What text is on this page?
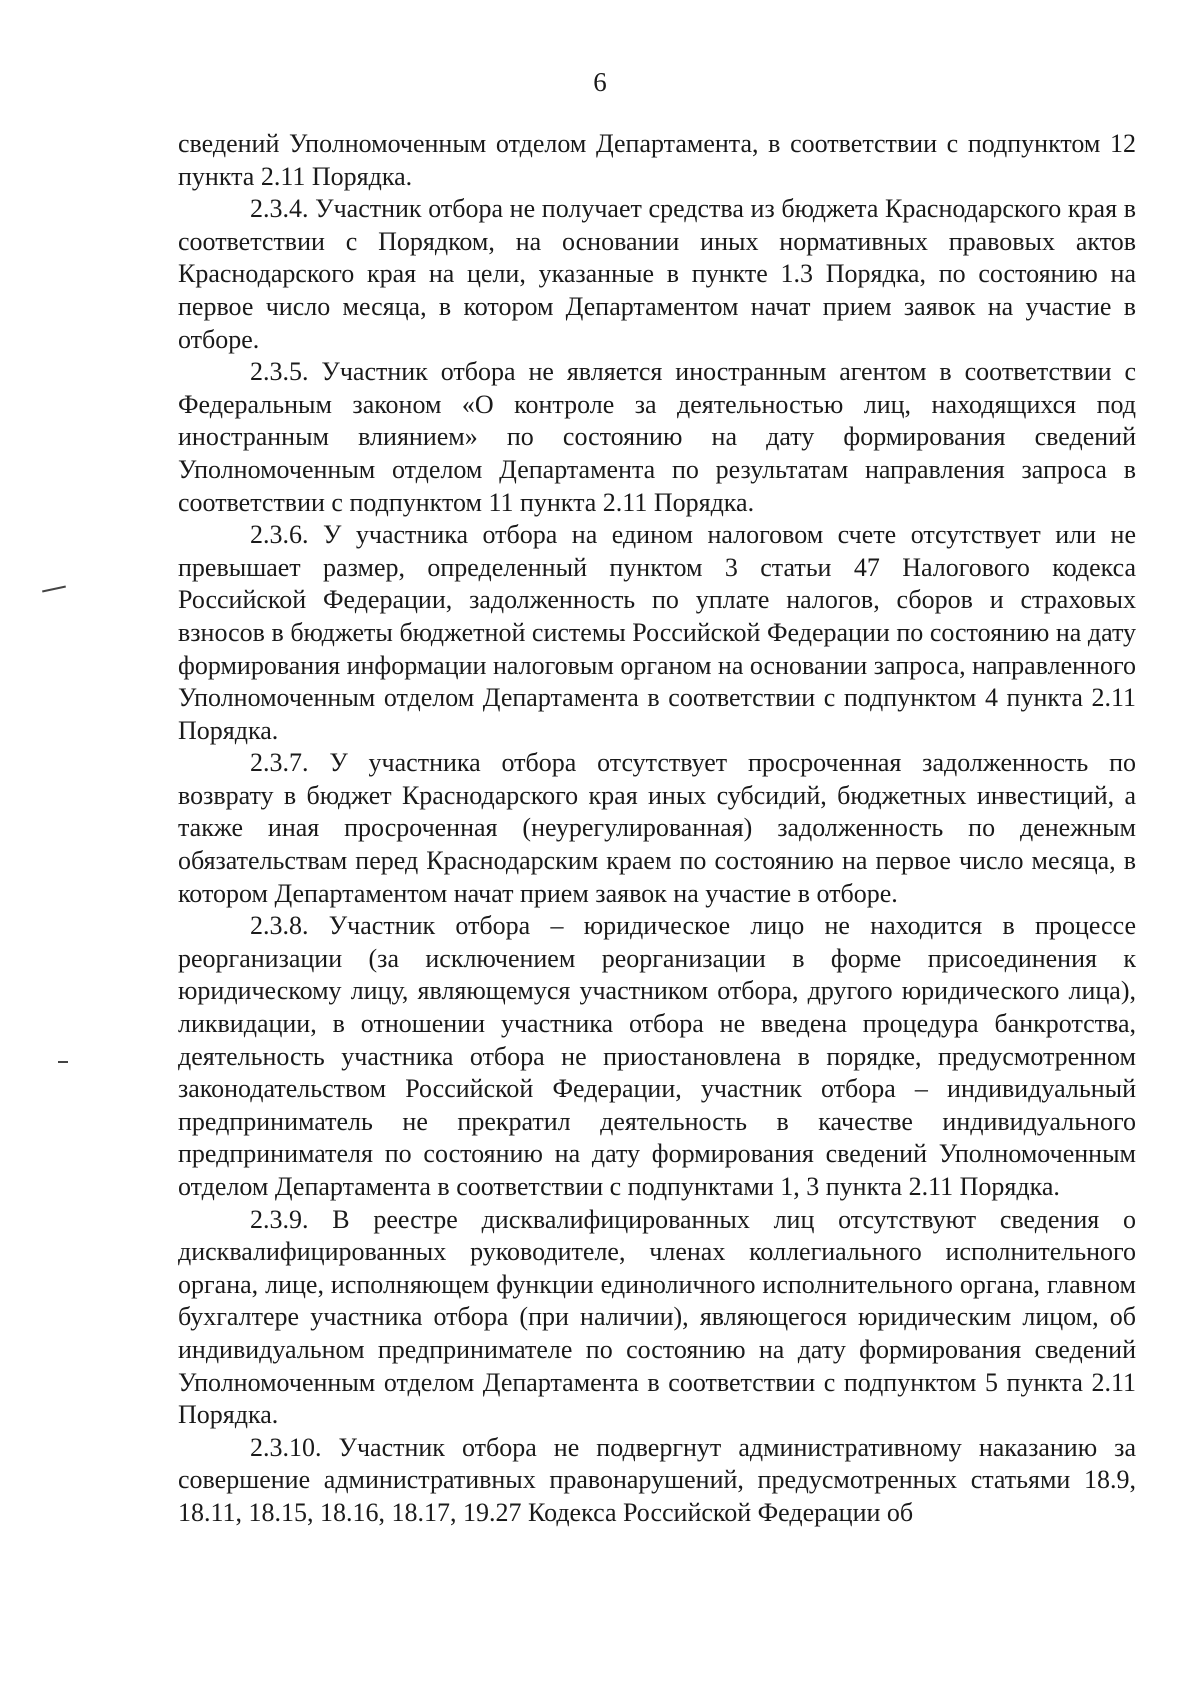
6

сведений Уполномоченным отделом Департамента, в соответствии с подпунктом 12 пункта 2.11 Порядка.

2.3.4. Участник отбора не получает средства из бюджета Краснодарского края в соответствии с Порядком, на основании иных нормативных правовых актов Краснодарского края на цели, указанные в пункте 1.3 Порядка, по состоянию на первое число месяца, в котором Департаментом начат прием заявок на участие в отборе.

2.3.5. Участник отбора не является иностранным агентом в соответствии с Федеральным законом «О контроле за деятельностью лиц, находящихся под иностранным влиянием» по состоянию на дату формирования сведений Уполномоченным отделом Департамента по результатам направления запроса в соответствии с подпунктом 11 пункта 2.11 Порядка.

2.3.6. У участника отбора на едином налоговом счете отсутствует или не превышает размер, определенный пунктом 3 статьи 47 Налогового кодекса Российской Федерации, задолженность по уплате налогов, сборов и страховых взносов в бюджеты бюджетной системы Российской Федерации по состоянию на дату формирования информации налоговым органом на основании запроса, направленного Уполномоченным отделом Департамента в соответствии с подпунктом 4 пункта 2.11 Порядка.

2.3.7. У участника отбора отсутствует просроченная задолженность по возврату в бюджет Краснодарского края иных субсидий, бюджетных инвестиций, а также иная просроченная (неурегулированная) задолженность по денежным обязательствам перед Краснодарским краем по состоянию на первое число месяца, в котором Департаментом начат прием заявок на участие в отборе.

2.3.8. Участник отбора – юридическое лицо не находится в процессе реорганизации (за исключением реорганизации в форме присоединения к юридическому лицу, являющемуся участником отбора, другого юридического лица), ликвидации, в отношении участника отбора не введена процедура банкротства, деятельность участника отбора не приостановлена в порядке, предусмотренном законодательством Российской Федерации, участник отбора – индивидуальный предприниматель не прекратил деятельность в качестве индивидуального предпринимателя по состоянию на дату формирования сведений Уполномоченным отделом Департамента в соответствии с подпунктами 1, 3 пункта 2.11 Порядка.

2.3.9. В реестре дисквалифицированных лиц отсутствуют сведения о дисквалифицированных руководителе, членах коллегиального исполнительного органа, лице, исполняющем функции единоличного исполнительного органа, главном бухгалтере участника отбора (при наличии), являющегося юридическим лицом, об индивидуальном предпринимателе по состоянию на дату формирования сведений Уполномоченным отделом Департамента в соответствии с подпунктом 5 пункта 2.11 Порядка.

2.3.10. Участник отбора не подвергнут административному наказанию за совершение административных правонарушений, предусмотренных статьями 18.9, 18.11, 18.15, 18.16, 18.17, 19.27 Кодекса Российской Федерации об
